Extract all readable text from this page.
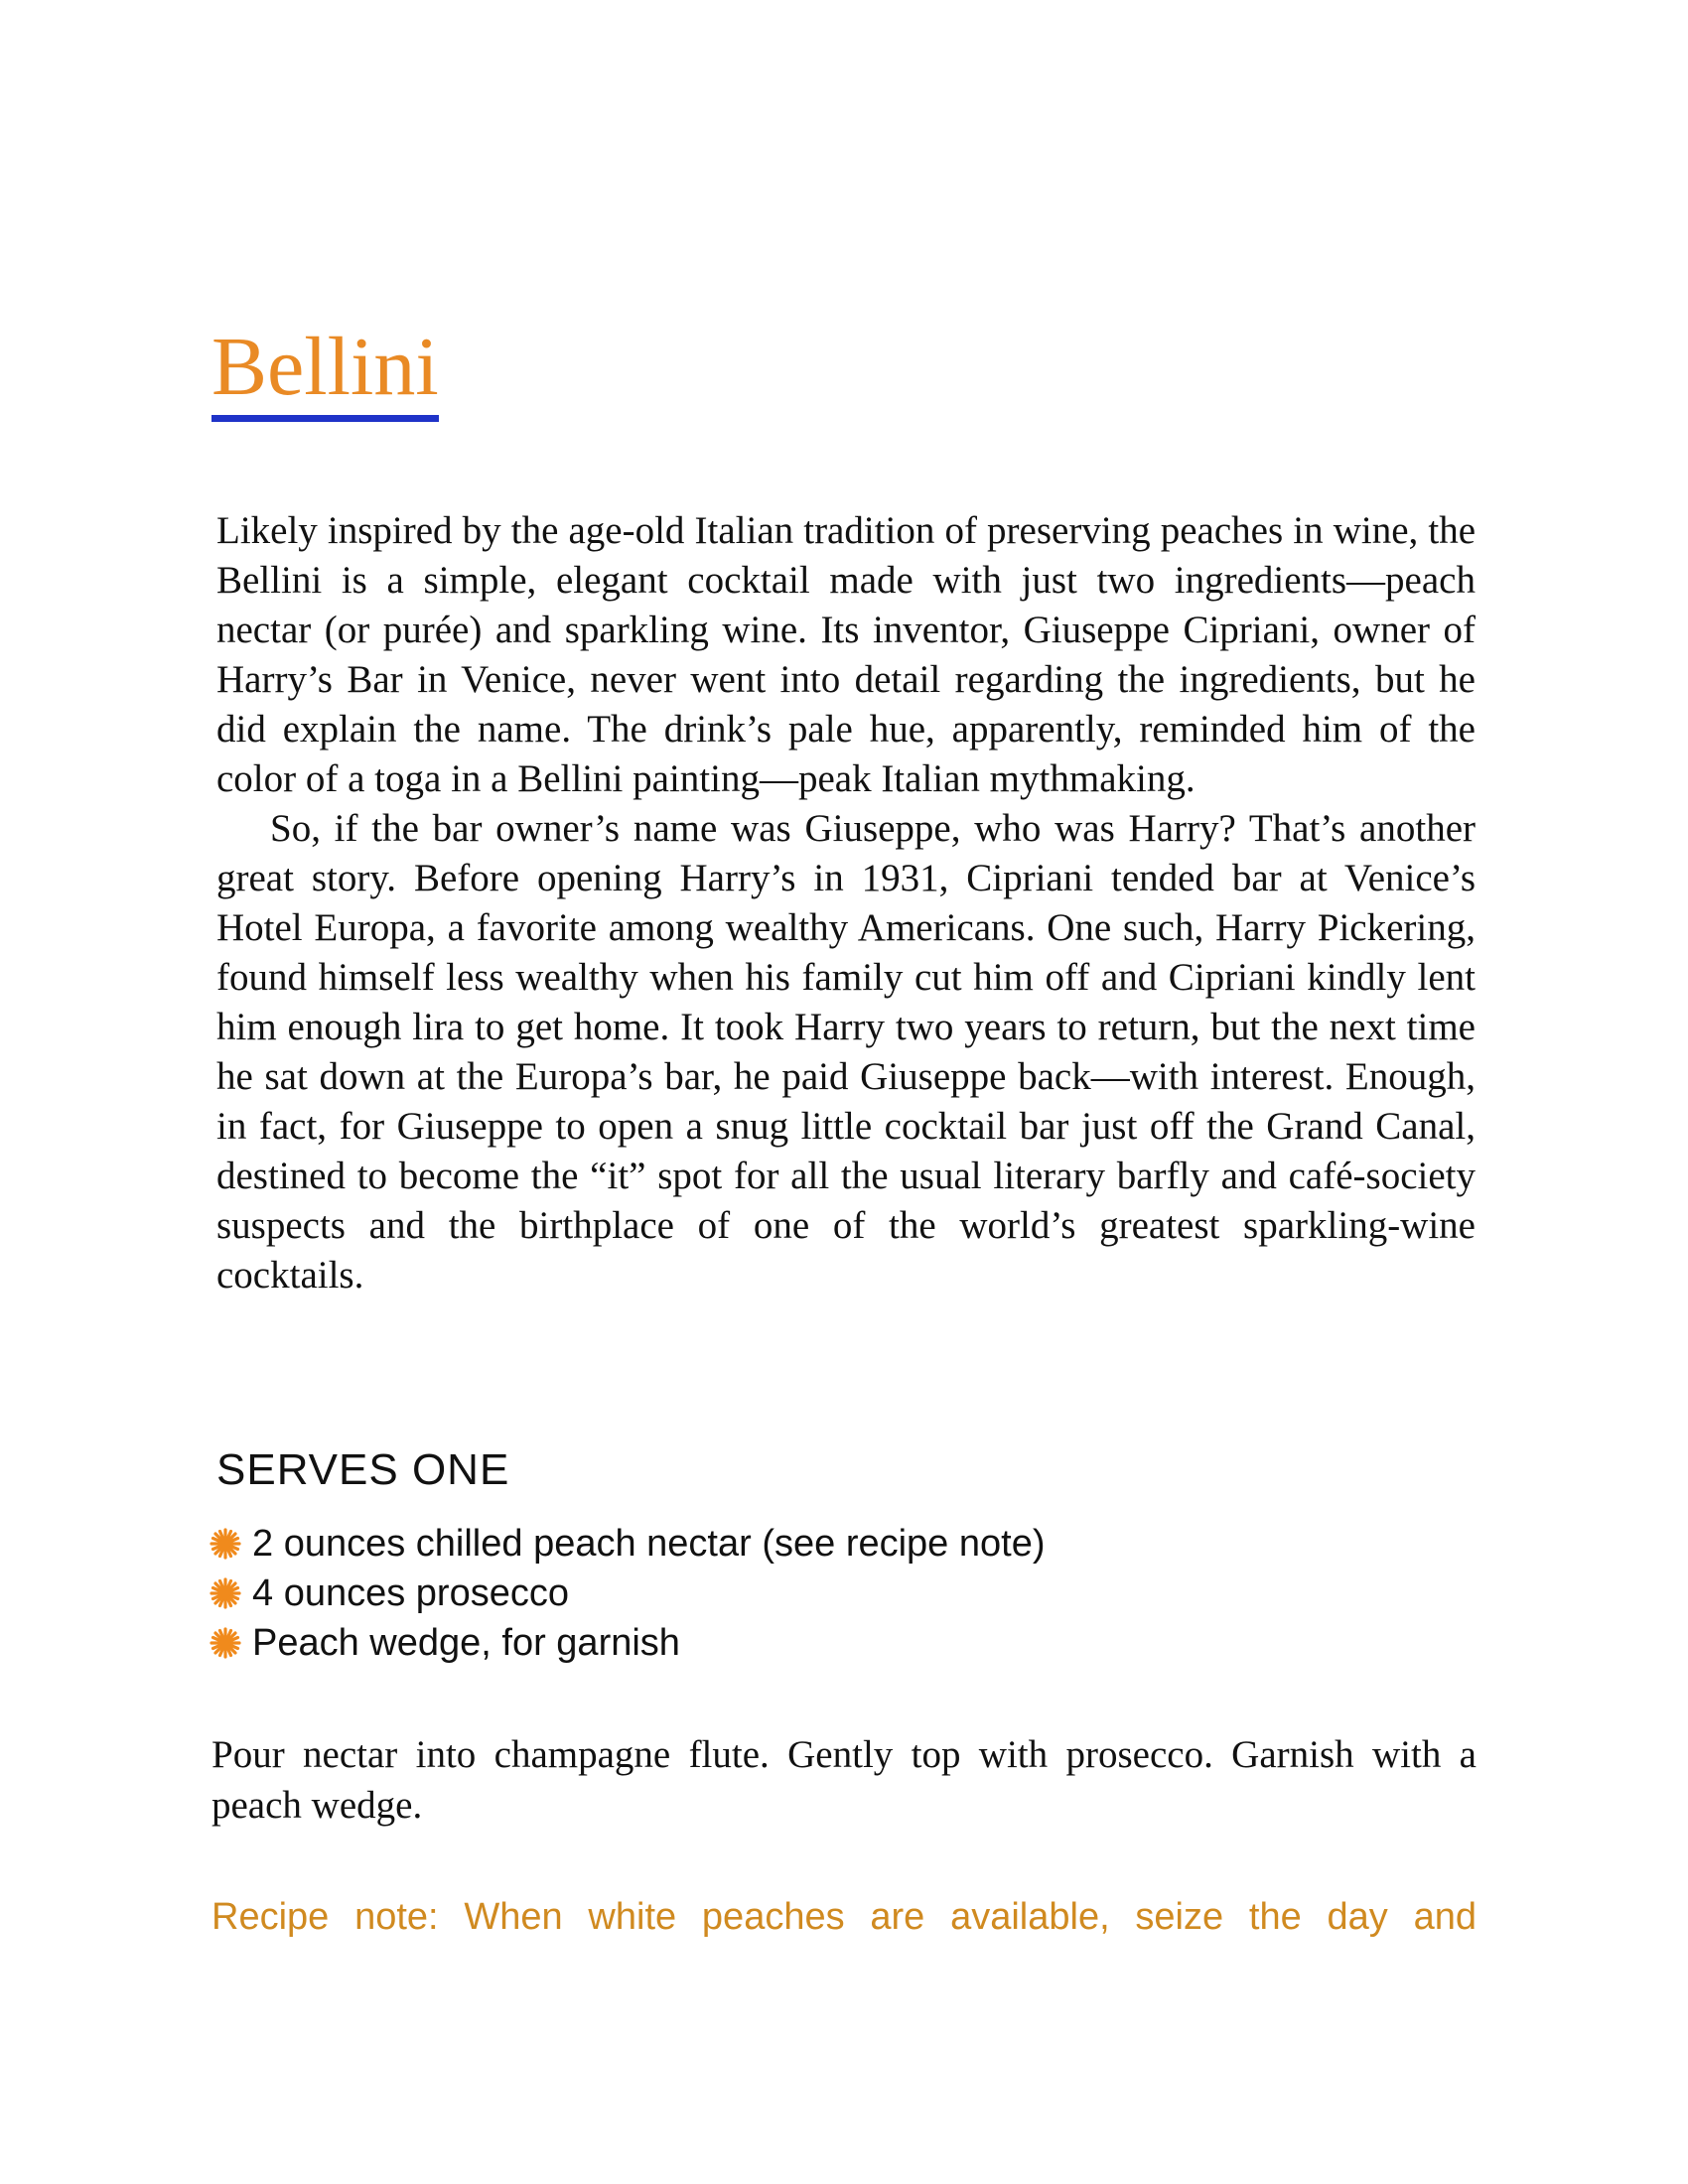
Bellini

Likely inspired by the age-old Italian tradition of preserving peaches in wine, the Bellini is a simple, elegant cocktail made with just two ingredients—peach nectar (or purée) and sparkling wine. Its inventor, Giuseppe Cipriani, owner of Harry’s Bar in Venice, never went into detail regarding the ingredients, but he did explain the name. The drink’s pale hue, apparently, reminded him of the color of a toga in a Bellini painting—peak Italian mythmaking.

So, if the bar owner’s name was Giuseppe, who was Harry? That’s another great story. Before opening Harry’s in 1931, Cipriani tended bar at Venice’s Hotel Europa, a favorite among wealthy Americans. One such, Harry Pickering, found himself less wealthy when his family cut him off and Cipriani kindly lent him enough lira to get home. It took Harry two years to return, but the next time he sat down at the Europa’s bar, he paid Giuseppe back—with interest. Enough, in fact, for Giuseppe to open a snug little cocktail bar just off the Grand Canal, destined to become the “it” spot for all the usual literary barfly and café-society suspects and the birthplace of one of the world’s greatest sparkling-wine cocktails.

SERVES ONE
2 ounces chilled peach nectar (see recipe note)
4 ounces prosecco
Peach wedge, for garnish

Pour nectar into champagne flute. Gently top with prosecco. Garnish with a peach wedge.

Recipe note: When white peaches are available, seize the day and
